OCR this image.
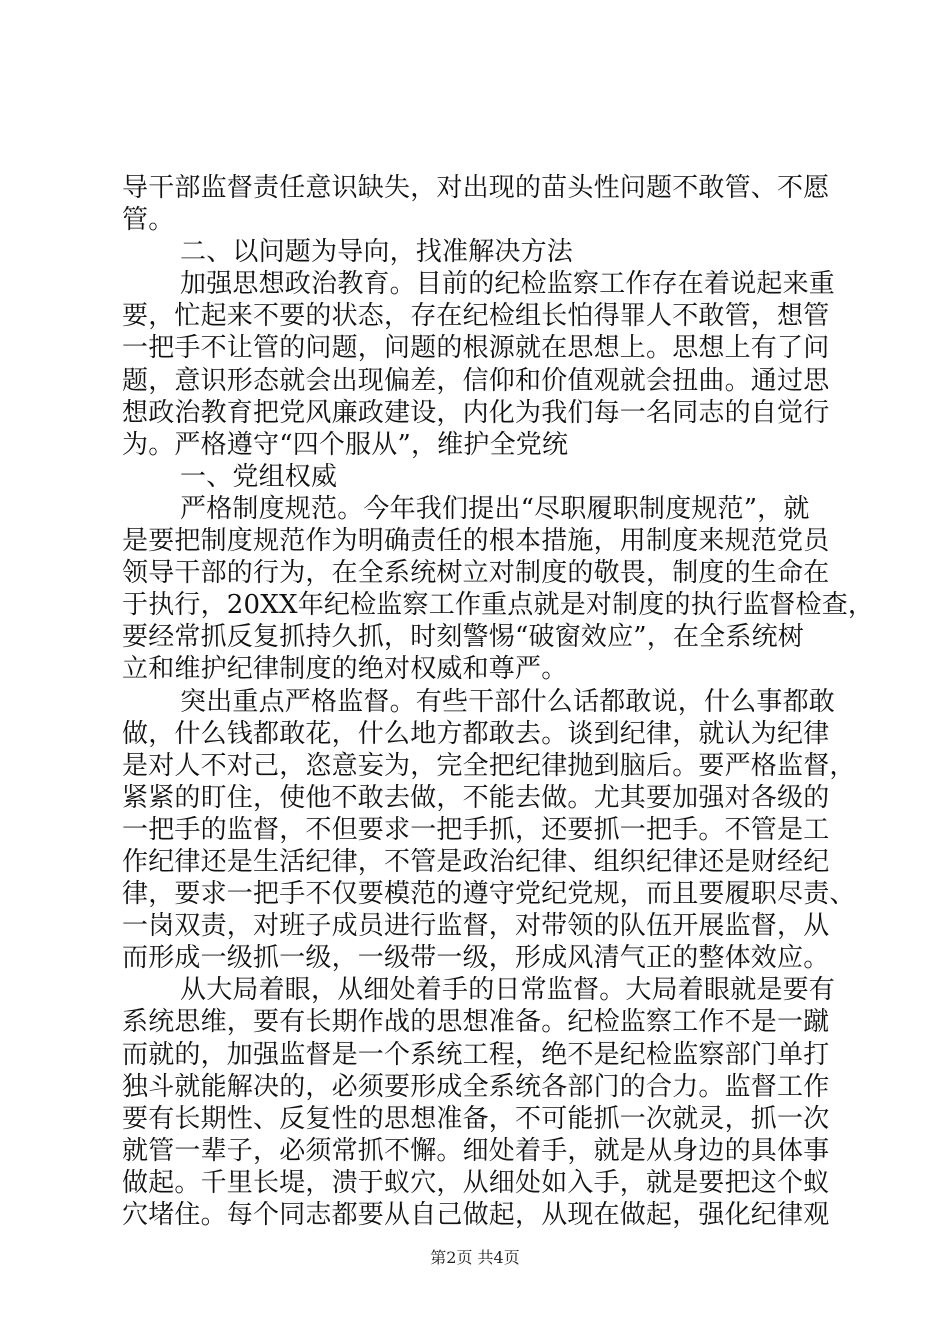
导干部监督责任意识缺失，对出现的苗头性问题不敢管、不愿
管。
二、以问题为导向，找准解决方法
加强思想政治教育。目前的纪检监察工作存在着说起来重
要，忙起来不要的状态，存在纪检组长怕得罪人不敢管，想管
一把手不让管的问题，问题的根源就在思想上。思想上有了问
题，意识形态就会出现偏差，信仰和价值观就会扭曲。通过思
想政治教育把党风廉政建设，内化为我们每一名同志的自觉行
为。严格遵守“四个服从”，维护全党统
一、党组权威
严格制度规范。今年我们提出“尽职履职制度规范”，就
是要把制度规范作为明确责任的根本措施，用制度来规范党员
领导干部的行为，在全系统树立对制度的敬畏，制度的生命在
于执行，20XX年纪检监察工作重点就是对制度的执行监督检查，
要经常抓反复抓持久抓，时刻警惕“破窗效应”，在全系统树
立和维护纪律制度的绝对权威和尊严。
突出重点严格监督。有些干部什么话都敢说，什么事都敢
做，什么钱都敢花，什么地方都敢去。谈到纪律，就认为纪律
是对人不对己，恣意妄为，完全把纪律抛到脑后。要严格监督，
紧紧的盯住，使他不敢去做，不能去做。尤其要加强对各级的
一把手的监督，不但要求一把手抓，还要抓一把手。不管是工
作纪律还是生活纪律，不管是政治纪律、组织纪律还是财经纪
律，要求一把手不仅要模范的遵守党纪党规，而且要履职尽责、
一岗双责，对班子成员进行监督，对带领的队伍开展监督，从
而形成一级抓一级，一级带一级，形成风清气正的整体效应。
从大局着眼，从细处着手的日常监督。大局着眼就是要有
系统思维，要有长期作战的思想准备。纪检监察工作不是一蹴
而就的，加强监督是一个系统工程，绝不是纪检监察部门单打
独斗就能解决的，必须要形成全系统各部门的合力。监督工作
要有长期性、反复性的思想准备，不可能抓一次就灵，抓一次
就管一辈子，必须常抓不懈。细处着手，就是从身边的具体事
做起。千里长堤，溃于蚁穴，从细处如入手，就是要把这个蚁
穴堵住。每个同志都要从自己做起，从现在做起，强化纪律观
第2页 共4页
